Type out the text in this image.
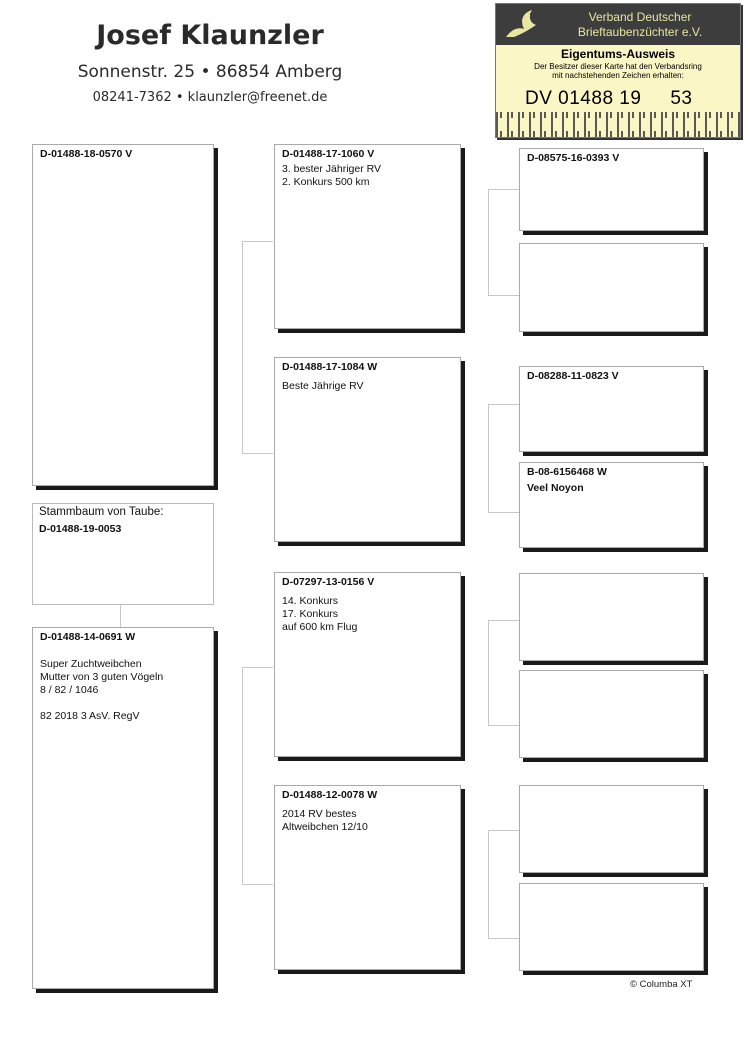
Josef Klaunzler
Sonnenstr. 25 • 86854 Amberg
08241-7362 • klaunzler@freenet.de
Verband Deutscher
Brieftaubenzüchter e.V.
Eigentums-Ausweis
Der Besitzer dieser Karte hat den Verbandsring
mit nachstehenden Zeichen erhalten:
DV 01488 19     53
D-01488-18-0570 V
Stammbaum von Taube:
D-01488-19-0053
D-01488-14-0691 W
Super Zuchtweibchen
Mutter von 3 guten Vögeln
8 / 82 / 1046

82 2018 3 AsV. RegV
D-01488-17-1060 V
3. bester Jähriger RV
2. Konkurs 500 km
D-01488-17-1084 W
Beste Jährige RV
D-07297-13-0156 V
14. Konkurs
17. Konkurs
auf 600 km Flug
D-01488-12-0078 W
2014 RV bestes
Altweibchen 12/10
D-08575-16-0393 V
D-08288-11-0823 V
B-08-6156468 W
Veel Noyon
© Columba XT
